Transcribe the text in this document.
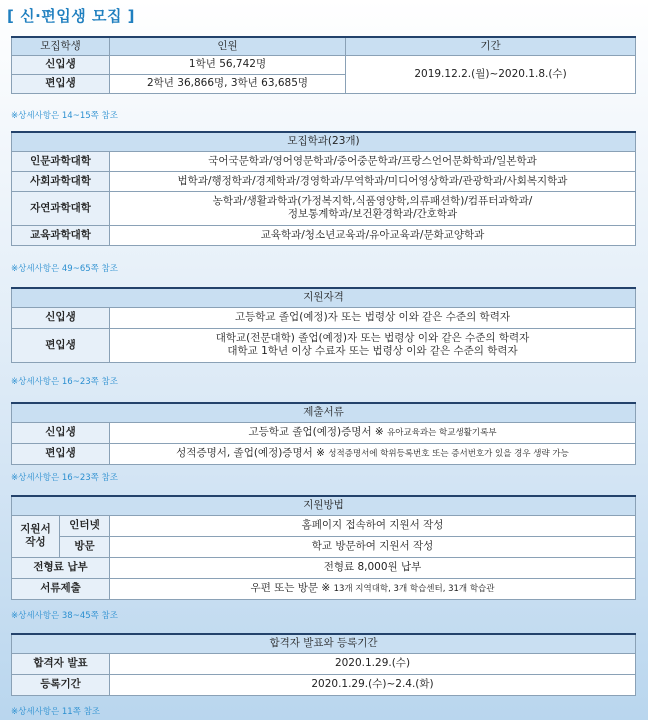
[ 신·편입생 모집 ]
모집학생	인원	기간
신입생	1학년 56,742명	2019.12.2.(월)~2020.1.8.(수)
편입생	2학년 36,866명, 3학년 63,685명	
※상세사항은 14~15쪽 참조
모집학과(23개)	
인문과학대학	국어국문학과/영어영문학과/중어중문학과/프랑스언어문화학과/일본학과
사회과학대학	법학과/행정학과/경제학과/경영학과/무역학과/미디어영상학과/관광학과/사회복지학과
자연과학대학	농학과/생활과학과(가정복지학,식품영양학,의류패션학)/컴퓨터과학과/
정보통계학과/보건환경학과/간호학과

교육과학대학	교육학과/청소년교육과/유아교육과/문화교양학과
※상세사항은 49~65쪽 참조
지원자격	
신입생	고등학교 졸업(예정)자 또는 법령상 이와 같은 수준의 학력자
편입생	대학교(전문대학) 졸업(예정)자 또는 법령상 이와 같은 수준의 학력자
대학교 1학년 이상 수료자 또는 법령상 이와 같은 수준의 학력자
※상세사항은 16~23쪽 참조
제출서류	
신입생	고등학교 졸업(예정)증명서 ※ 유아교육과는 학교생활기록부
편입생	성적증명서, 졸업(예정)증명서 ※ 성적증명서에 학위등록번호 또는 증서번호가 있을 경우 생략 가능
※상세사항은 16~23쪽 참조
지원방법		
지원서 작성	인터넷	홈페이지 접속하여 지원서 작성
	방문	학교 방문하여 지원서 작성
전형료 납부		전형료 8,000원 납부
서류제출		우편 또는 방문 ※ 13개 지역대학, 3개 학습센터, 31개 학습관
※상세사항은 38~45쪽 참조
합격자 발표와 등록기간	
합격자 발표	2020.1.29.(수)
등록기간	2020.1.29.(수)~2.4.(화)
※상세사항은 11쪽 참조
